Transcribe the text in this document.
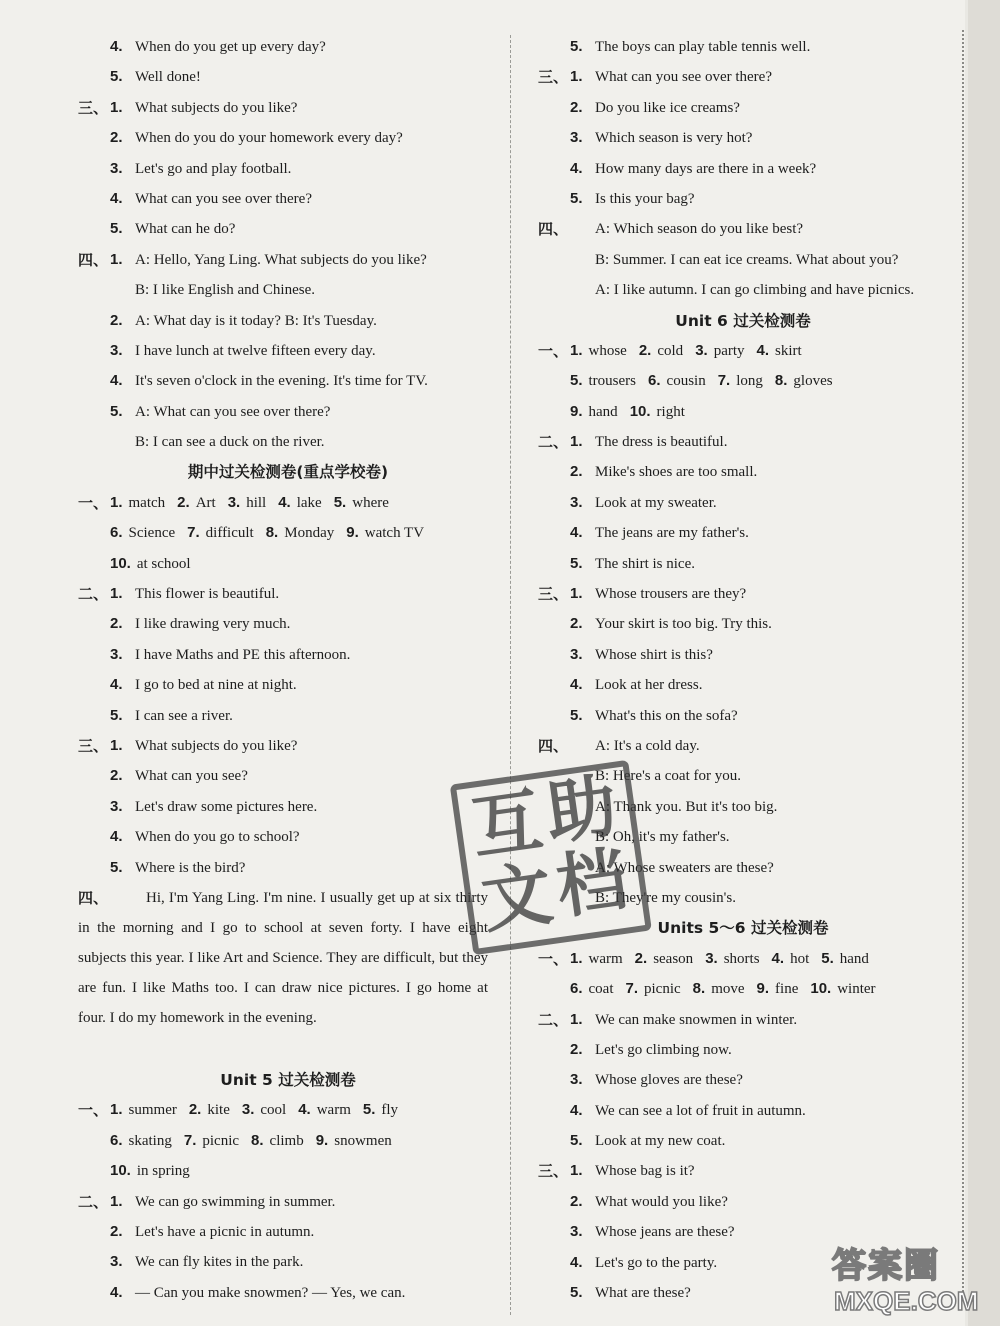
4. When do you get up every day?
5. Well done!
三、 1. What subjects do you like?
2. When do you do your homework every day?
3. Let's go and play football.
4. What can you see over there?
5. What can he do?
四、 1. A: Hello, Yang Ling. What subjects do you like?
B: I like English and Chinese.
2. A: What day is it today? B: It's Tuesday.
3. I have lunch at twelve fifteen every day.
4. It's seven o'clock in the evening. It's time for TV.
5. A: What can you see over there?
B: I can see a duck on the river.
期中过关检测卷(重点学校卷)
一、 1. match 2. Art 3. hill 4. lake 5. where
6. Science 7. difficult 8. Monday 9. watch TV
10. at school
二、 1. This flower is beautiful.
2. I like drawing very much.
3. I have Maths and PE this afternoon.
4. I go to bed at nine at night.
5. I can see a river.
三、 1. What subjects do you like?
2. What can you see?
3. Let's draw some pictures here.
4. When do you go to school?
5. Where is the bird?
四、	Hi, I'm Yang Ling. I'm nine. I usually get up at six thirty in the morning and I go to school at seven forty. I have eight subjects this year. I like Art and Science. They are difficult, but they are fun. I like Maths too. I can draw nice pictures. I go home at four. I do my homework in the evening.
Unit 5 过关检测卷
一、 1. summer 2. kite 3. cool 4. warm 5. fly
6. skating 7. picnic 8. climb 9. snowmen
10. in spring
二、 1. We can go swimming in summer.
2. Let's have a picnic in autumn.
3. We can fly kites in the park.
4. — Can you make snowmen? — Yes, we can.
5. The boys can play table tennis well.
三、 1. What can you see over there?
2. Do you like ice creams?
3. Which season is very hot?
4. How many days are there in a week?
5. Is this your bag?
四、 A: Which season do you like best?
B: Summer. I can eat ice creams. What about you?
A: I like autumn. I can go climbing and have picnics.
Unit 6 过关检测卷
一、 1. whose 2. cold 3. party 4. skirt
5. trousers 6. cousin 7. long 8. gloves
9. hand 10. right
二、 1. The dress is beautiful.
2. Mike's shoes are too small.
3. Look at my sweater.
4. The jeans are my father's.
5. The shirt is nice.
三、 1. Whose trousers are they?
2. Your skirt is too big. Try this.
3. Whose shirt is this?
4. Look at her dress.
5. What's this on the sofa?
四、 A: It's a cold day.
B: Here's a coat for you.
A: Thank you. But it's too big.
B: Oh, it's my father's.
A: Whose sweaters are these?
B: They're my cousin's.
Units 5～6 过关检测卷
一、 1. warm 2. season 3. shorts 4. hot 5. hand
6. coat 7. picnic 8. move 9. fine 10. winter
二、 1. We can make snowmen in winter.
2. Let's go climbing now.
3. Whose gloves are these?
4. We can see a lot of fruit in autumn.
5. Look at my new coat.
三、 1. Whose bag is it?
2. What would you like?
3. Whose jeans are these?
4. Let's go to the party.
5. What are these?
互
助
文
档
答案圈
MXQE.COM
